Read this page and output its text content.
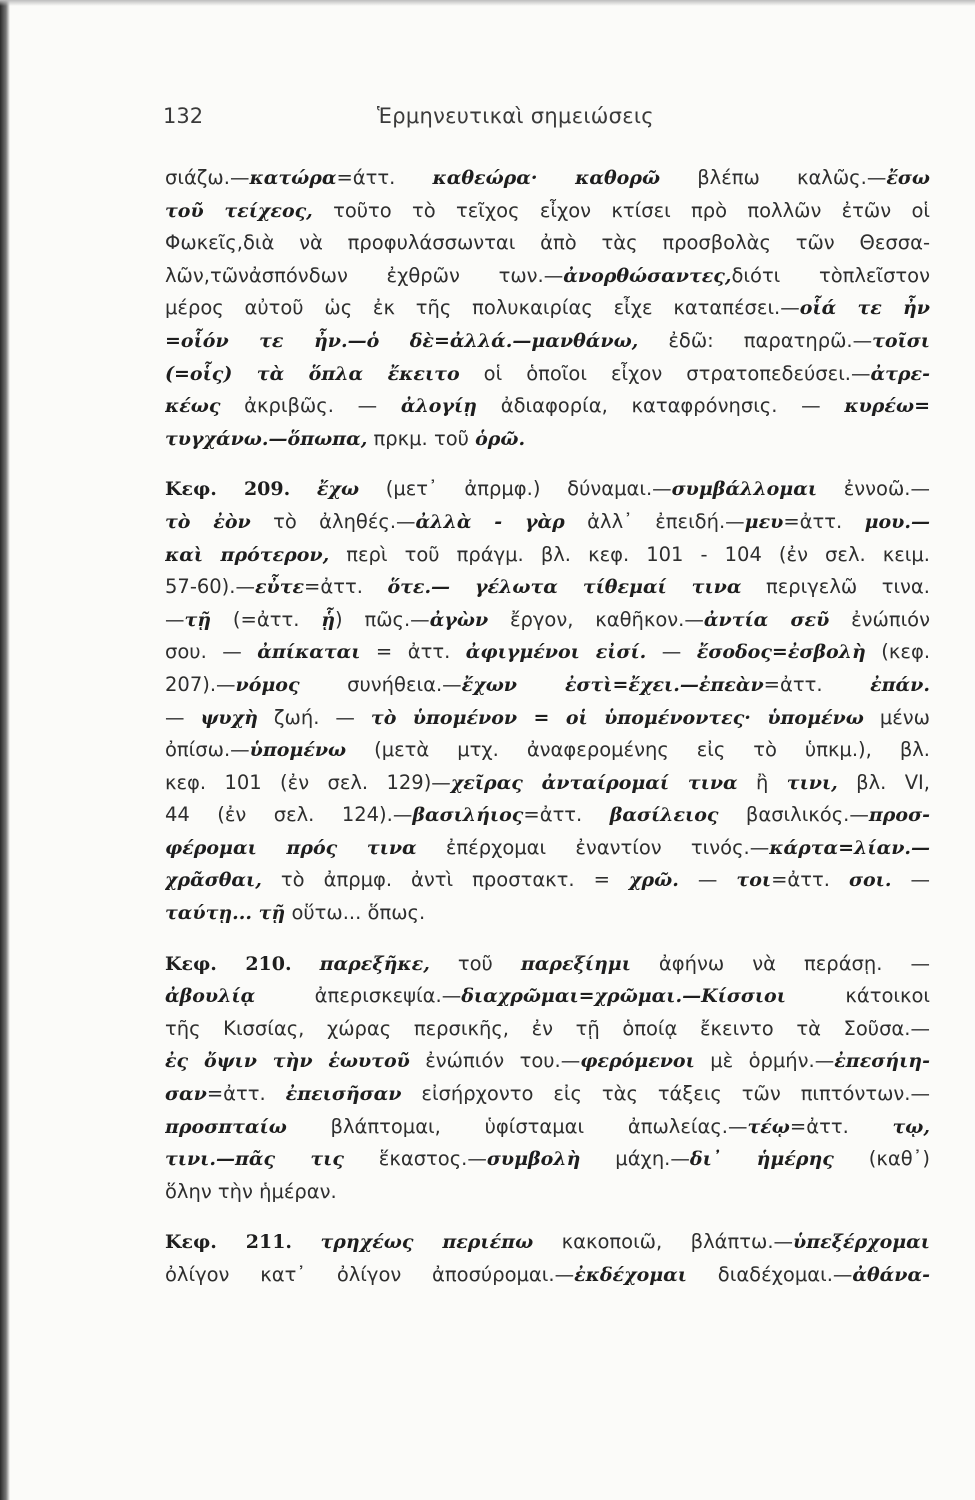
132	Ἑρμηνευτικαὶ σημειώσεις
σιάζω.—κατώρα=άττ. καθεώρα· καθορῶ βλέπω καλῶς.—ἔσω
τοῦ τείχεος, τοῦτο τὸ τεῖχος εἶχον κτίσει πρὸ πολλῶν ἐτῶν οἱ
Φωκεῖς,διὰ νὰ προφυλάσσωνται ἀπὸ τὰς προσβολὰς τῶν Θεσσα-
λῶν,τῶνἀσπόνδων ἐχθρῶν των.—ἀνορθώσαντες,διότι τὸπλεῖστον
μέρος αὐτοῦ ὡς ἐκ τῆς πολυκαιρίας εἶχε καταπέσει.—οἷά τε ἦν
=οἷόν τε ἦν.—ὁ δὲ=ἀλλά.—μανθάνω, ἐδῶ: παρατηρῶ.—τοῖσι
(=οἷς) τὰ ὅπλα ἔκειτο οἱ ὁποῖοι εἶχον στρατοπεδεύσει.—ἀτρε-
κέως ἀκριβῶς. — ἀλογίῃ ἀδιαφορία, καταφρόνησις. — κυρέω=
τυγχάνω.—ὅπωπα, πρκμ. τοῦ ὁρῶ.
Κεφ. 209. ἔχω (μετ᾽ ἀπρμφ.) δύναμαι.—συμβάλλομαι ἐννοῶ.—
τὸ ἐὸν τὸ ἀληθές.—ἀλλὰ - γὰρ ἀλλ᾽ ἐπειδή.—μευ=ἀττ. μου.—
καὶ πρότερον, περὶ τοῦ πράγμ. βλ. κεφ. 101 - 104 (ἐν σελ. κειμ.
57-60).—εὖτε=ἀττ. ὅτε.— γέλωτα τίθεμαί τινα περιγελῶ τινα.
—τῇ (=ἀττ. ᾗ) πῶς.—ἀγὼν ἔργον, καθῆκον.—ἀντία σεῦ ἐνώπιόν
σου. — ἀπίκαται = ἀττ. ἀφιγμένοι εἰσί. — ἔσοδος=ἐσβολὴ (κεφ.
207).—νόμος συνήθεια.—ἔχων ἐστὶ=ἔχει.—ἐπεὰν=ἀττ. ἐπάν.
— ψυχὴ ζωή. — τὸ ὑπομένον = οἱ ὑπομένοντες· ὑπομένω μένω
ὀπίσω.—ὑπομένω (μετὰ μτχ. ἀναφερομένης εἰς τὸ ὑπκμ.), βλ.
κεφ. 101 (ἐν σελ. 129)—χεῖρας ἀνταίρομαί τινα ἢ τινι, βλ. VI,
44 (ἐν σελ. 124).—βασιλήιος=ἀττ. βασίλειος βασιλικός.—προσ-
φέρομαι πρός τινα ἐπέρχομαι ἐναντίον τινός.—κάρτα=λίαν.—
χρᾶσθαι, τὸ ἀπρμφ. ἀντὶ προστακτ. = χρῶ. — τοι=ἀττ. σοι. —
ταύτῃ... τῇ οὕτω... ὅπως.
Κεφ. 210. παρεξῆκε, τοῦ παρεξίημι ἀφήνω νὰ περάσῃ. —
ἀβουλίᾳ ἀπερισκεψία.—διαχρῶμαι=χρῶμαι.—Κίσσιοι κάτοικοι
τῆς Κισσίας, χώρας περσικῆς, ἐν τῇ ὁποίᾳ ἔκειντο τὰ Σοῦσα.—
ἐς ὄψιν τὴν ἑωυτοῦ ἐνώπιόν του.—φερόμενοι μὲ ὁρμήν.—ἐπεσήιη-
σαν=ἀττ. ἐπεισῆσαν εἰσήρχοντο εἰς τὰς τάξεις τῶν πιπτόντων.—
προσπταίω βλάπτομαι, ὑφίσταμαι ἀπωλείας.—τέῳ=ἀττ. τῳ,
τινι.—πᾶς τις ἕκαστος.—συμβολὴ μάχη.—δι᾽ ἡμέρης (καθ᾽)
ὅλην τὴν ἡμέραν.
Κεφ. 211. τρηχέως περιέπω κακοποιῶ, βλάπτω.—ὑπεξέρχομαι
ὀλίγον κατ᾽ ὀλίγον ἀποσύρομαι.—ἐκδέχομαι διαδέχομαι.—ἀθάνα-
